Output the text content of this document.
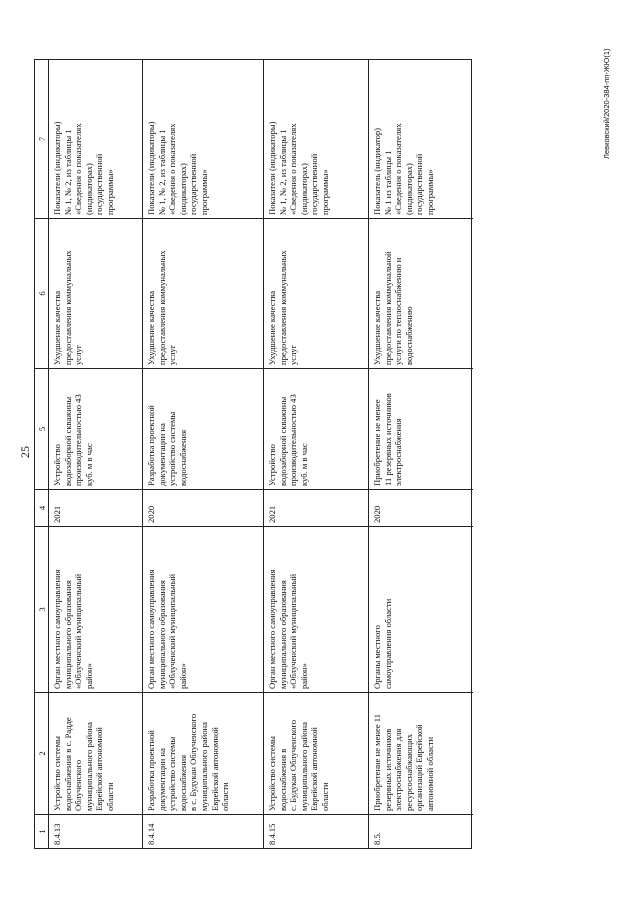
25
1
2
3
4
5
6
7
8.4.13
Устройство системы
водоснабжения в с. Радде
Облученского
муниципального района
Еврейской автономной
области
Орган местного самоуправления
муниципального образования
«Облученский муниципальный
район»
2021
Устройство
водозаборной скважины
производительностью 43
куб. м в час
Ухудшение качества
предоставления коммунальных
услуг
Показатели (индикаторы)
№ 1, № 2, из таблицы 1
«Сведения о показателях
(индикаторах)
государственной
программы»
8.4.14
Разработка проектной
документации на
устройство системы
водоснабжения
в с. Будукан Облученского
муниципального района
Еврейской автономной
области
Орган местного самоуправления
муниципального образования
«Облученский муниципальный
район»
2020
Разработка проектной
документации на
устройство системы
водоснабжения
Ухудшение качества
предоставления коммунальных
услуг
Показатели (индикаторы)
№ 1, № 2, из таблицы 1
«Сведения о показателях
(индикаторах)
государственной
программы»
8.4.15
Устройство системы
водоснабжения в
с. Будукан Облученского
муниципального района
Еврейской автономной
области
Орган местного самоуправления
муниципального образования
«Облученский муниципальный
район»
2021
Устройство
водозаборной скважины
производительностью 43
куб. м в час
Ухудшение качества
предоставления коммунальных
услуг
Показатели (индикаторы)
№ 1, № 2, из таблицы 1
«Сведения о показателях
(индикаторах)
государственной
программы»
8.5.
Приобретение не менее 11
резервных источников
электроснабжения для
ресурсоснабжающих
организаций Еврейской
автономной области
Органы местного
самоуправления области
2020
Приобретение не менее
11 резервных источников
электроснабжения
Ухудшение качества
предоставления коммунальной
услуги по теплоснабжению и
водоснабжению
Показатель (индикатор)
№ 1 из таблицы 1
«Сведения о показателях
(индикаторах)
государственной
программы»
Левковский/2020-384-пп-ЖЮ(1)
